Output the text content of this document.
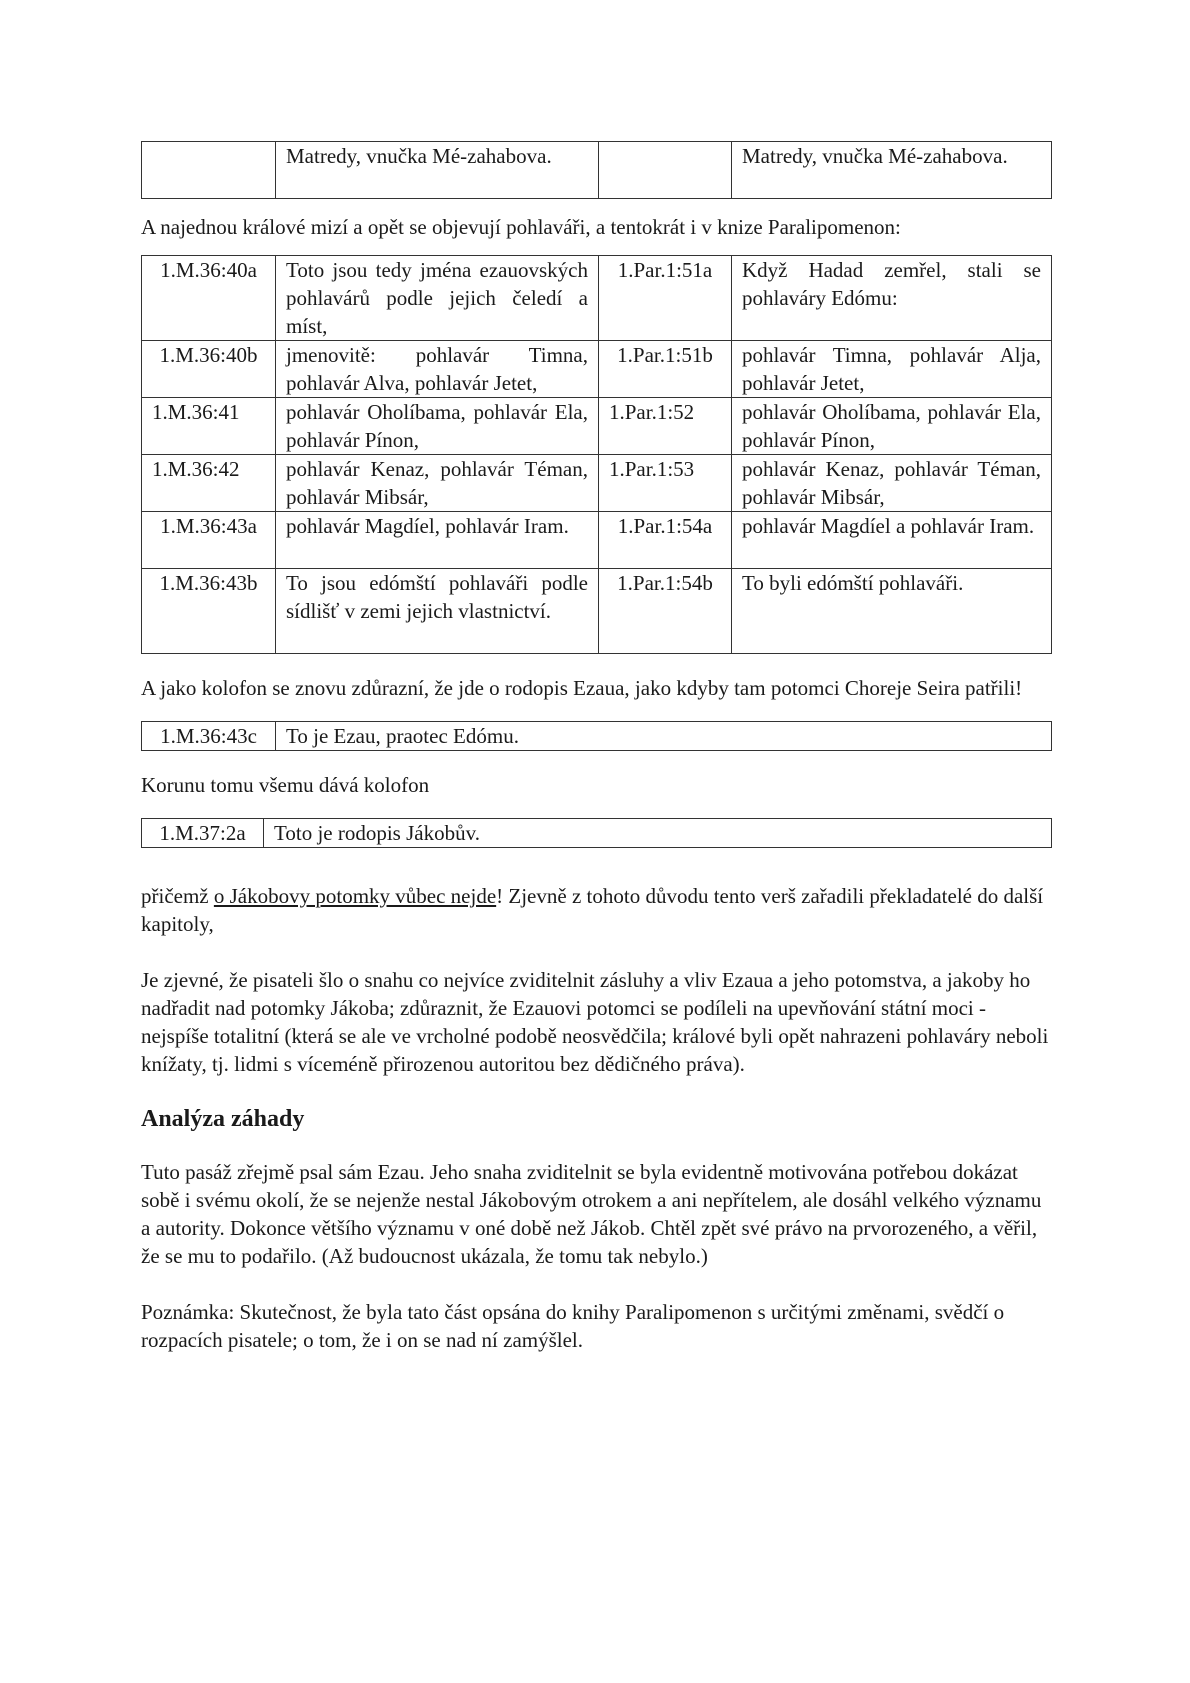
	Matredy, vnučka Mé-zahabova.		Matredy, vnučka Mé-zahabova.

A najednou králové mizí a opět se objevují pohlaváři, a tentokrát i v knize Paralipomenon:

1.M.36:40a	Toto jsou tedy jména ezauovských pohlavárů podle jejich čeledí a míst,	1.Par.1:51a	Když Hadad zemřel, stali se pohlaváry Edómu:
1.M.36:40b	jmenovitě: pohlavár Timna, pohlavár Alva, pohlavár Jetet,	1.Par.1:51b	pohlavár Timna, pohlavár Alja, pohlavár Jetet,
1.M.36:41	pohlavár Oholíbama, pohlavár Ela, pohlavár Pínon,	1.Par.1:52	pohlavár Oholíbama, pohlavár Ela, pohlavár Pínon,
1.M.36:42	pohlavár Kenaz, pohlavár Téman, pohlavár Mibsár,	1.Par.1:53	pohlavár Kenaz, pohlavár Téman, pohlavár Mibsár,
1.M.36:43a	pohlavár Magdíel, pohlavár Iram.	1.Par.1:54a	pohlavár Magdíel a pohlavár Iram.
1.M.36:43b	To jsou edómští pohlaváři podle sídlišť v zemi jejich vlastnictví.	1.Par.1:54b	To byli edómští pohlaváři.

A jako kolofon se znovu zdůrazní, že jde o rodopis Ezaua, jako kdyby tam potomci Choreje Seira patřili!

1.M.36:43c	To je Ezau, praotec Edómu.

Korunu tomu všemu dává kolofon

1.M.37:2a	Toto je rodopis Jákobův.

přičemž o Jákobovy potomky vůbec nejde! Zjevně z tohoto důvodu tento verš zařadili překladatelé do další kapitoly,

Je zjevné, že pisateli šlo o snahu co nejvíce zviditelnit zásluhy a vliv Ezaua a jeho potomstva, a jakoby ho nadřadit nad potomky Jákoba; zdůraznit, že Ezauovi potomci se podíleli na upevňování státní moci - nejspíše totalitní (která se ale ve vrcholné podobě neosvědčila; králové byli opět nahrazeni pohlaváry neboli knížaty, tj. lidmi s víceméně přirozenou autoritou bez dědičného práva).

Analýza záhady

Tuto pasáž zřejmě psal sám Ezau. Jeho snaha zviditelnit se byla evidentně motivována potřebou dokázat sobě i svému okolí, že se nejenže nestal Jákobovým otrokem a ani nepřítelem, ale dosáhl velkého významu a autority. Dokonce většího významu v oné době než Jákob. Chtěl zpět své právo na prvorozeného, a věřil, že se mu to podařilo. (Až budoucnost ukázala, že tomu tak nebylo.)

Poznámka: Skutečnost, že byla tato část opsána do knihy Paralipomenon s určitými změnami, svědčí o rozpacích pisatele; o tom, že i on se nad ní zamýšlel.
